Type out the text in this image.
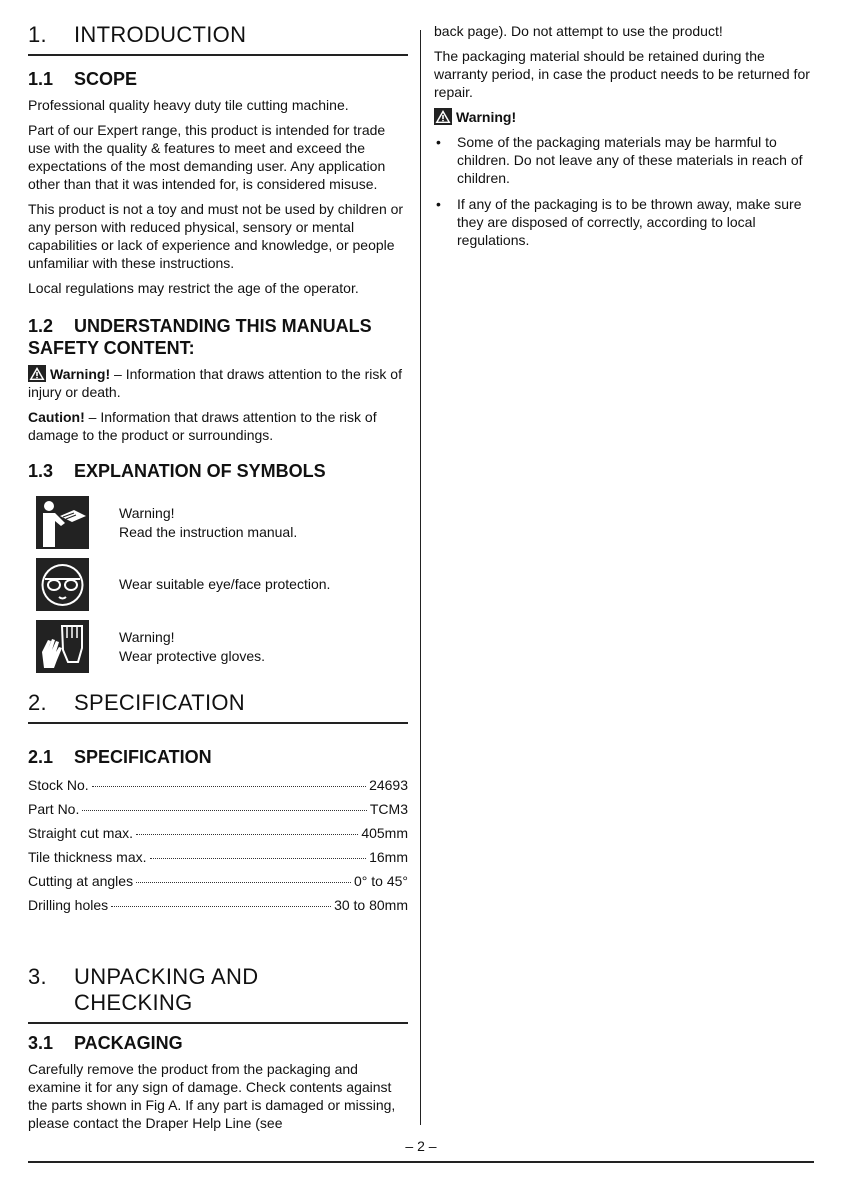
1.	INTRODUCTION
1.1	SCOPE

Professional quality heavy duty tile cutting machine.

Part of our Expert range, this product is intended for trade use with the quality & features to meet and exceed the expectations of the most demanding user. Any application other than that it was intended for, is considered misuse.

This product is not a toy and must not be used by children or any person with reduced physical, sensory or mental capabilities or lack of experience and knowledge, or people unfamiliar with these instructions.

Local regulations may restrict the age of the operator.

1.2	UNDERSTANDING THIS MANUALS
SAFETY CONTENT:

Warning! – Information that draws attention to the risk of injury or death.

Caution! – Information that draws attention to the risk of damage to the product or surroundings.

1.3	EXPLANATION OF SYMBOLS
Warning!
Read the instruction manual.
Wear suitable eye/face protection.
Warning!
Wear protective gloves.
2.	SPECIFICATION
2.1	SPECIFICATION
Stock No.	24693
Part No.	TCM3
Straight cut max.	405mm
Tile thickness max.	16mm
Cutting at angles	0° to 45°
Drilling holes	30 to 80mm
3.	UNPACKING AND
CHECKING
3.1	PACKAGING

Carefully remove the product from the packaging and examine it for any sign of damage. Check contents against the parts shown in Fig A. If any part is damaged or missing, please contact the Draper Help Line (see

back page). Do not attempt to use the product!

The packaging material should be retained during the warranty period, in case the product needs to be returned for repair.

Warning!

• Some of the packaging materials may be harmful to children. Do not leave any of these materials in reach of children.
• If any of the packaging is to be thrown away, make sure they are disposed of correctly, according to local regulations.
– 2 –
